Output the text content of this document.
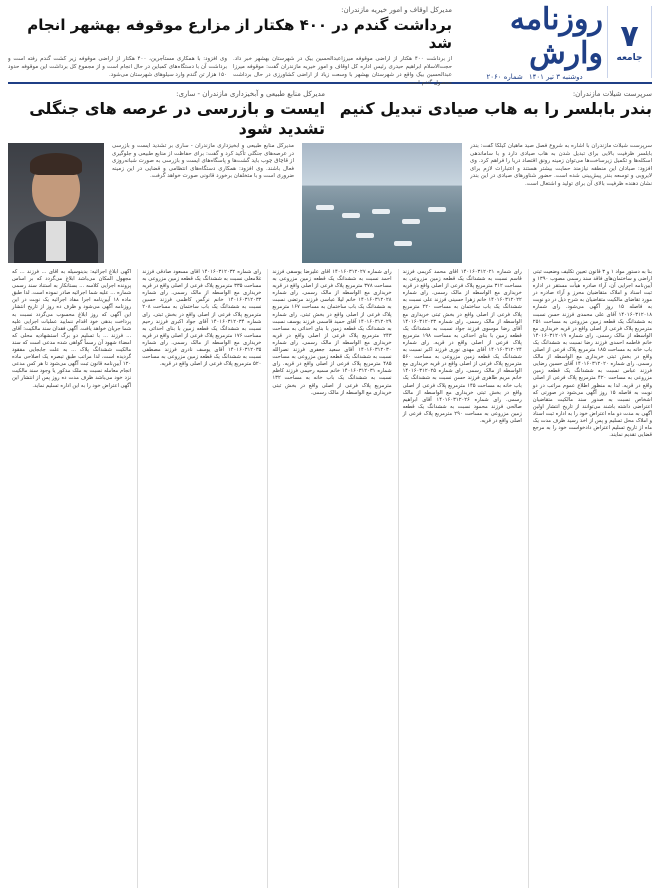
۷
جامعه
روزنامه وارش
دوشنبه ۳ تیر ۱۴۰۱
شماره ۲۰۶۰
مدیرکل اوقاف و امور خیریه مازندران:
برداشت گندم در ۴۰۰ هکتار از مزارع موقوفه بهشهر انجام شد
از برداشت ۴۰۰ هکتار از اراضی موقوفه میرزاعبدالحسین بیک در شهرستان بهشهر خبر داد. حجت‌الاسلام ابراهیم حیدری رئیس اداره کل اوقاف و امور خیریه مازندران گفت: موقوفه میرزا عبدالحسین بیک واقع در شهرستان بهشهر با وسعت زیاد از اراضی کشاورزی در حال برداشت محصول گندم است.
وی افزود: با همکاری مستأجرین، ۴۰۰ هکتار از اراضی موقوفه زیر کشت گندم رفته است و برداشت آن با دستگاه‌های کمباین در حال انجام است و از مجموع کل برداشت این موقوفه حدود ۱۵۰ هزار تن گندم وارد سیلوهای شهرستان می‌شود.
سرپرست شیلات مازندران:
بندر بابلسر را به هاب صیادی تبدیل کنیم
مدیرکل منابع طبیعی و آبخیزداری مازندران - ساری:
ایست و بازرسی در عرصه های جنگلی تشدید شود
سرپرست شیلات مازندران با اشاره به شروع فصل صید ماهیان کیلکا گفت: بندر بابلسر ظرفیت بالایی برای تبدیل شدن به هاب صیادی دارد و با ساماندهی اسکله‌ها و تکمیل زیرساخت‌ها می‌توان زمینه رونق اقتصاد دریا را فراهم کرد. وی افزود: صیادان این منطقه نیازمند حمایت بیشتر هستند و اعتبارات لازم برای لایروبی و توسعه بندر پیش‌بینی شده است. حضور شناورهای صیادی در این بندر نشان دهنده ظرفیت بالای آن برای تولید و اشتغال است.
مدیرکل منابع طبیعی و آبخیزداری مازندران - ساری بر تشدید ایست و بازرسی در عرصه‌های جنگلی تأکید کرد و گفت: برای حفاظت از منابع طبیعی و جلوگیری از قاچاق چوب باید گشت‌ها و پاسگاه‌های ایست و بازرسی به صورت شبانه‌روزی فعال باشند. وی افزود: همکاری دستگاه‌های انتظامی و قضایی در این زمینه ضروری است و با متخلفان برخورد قانونی صورت خواهد گرفت.
بنا به دستور مواد ۱ و ۳ قانون تعیین تکلیف وضعیت ثبتی اراضی و ساختمان‌های فاقد سند رسمی مصوب ۱۳۹۰ و آیین‌نامه اجرایی آن، آراء صادره هیأت مستقر در اداره ثبت اسناد و املاک متقاضیان محرز و آراء صادره در مورد تقاضای مالکیت متقاضیان به شرح ذیل در دو نوبت به فاصله ۱۵ روز آگهی می‌شود. رای شماره ۱۴۰۱۶۰۳۱۲۰۱۸ آقای علی محمدی فرزند حسن نسبت به ششدانگ یک قطعه زمین مزروعی به مساحت ۲۵۱ مترمربع پلاک فرعی از اصلی واقع در قریه خریداری مع الواسطه از مالک رسمی. رای شماره ۱۴۰۱۶۰۳۱۲۰۱۹ خانم فاطمه احمدی فرزند رضا نسبت به ششدانگ یک باب خانه به مساحت ۱۸۵ مترمربع پلاک فرعی از اصلی واقع در بخش ثبتی خریداری مع الواسطه از مالک رسمی. رای شماره ۱۴۰۱۶۰۳۱۲۰۲۰ آقای حسین رضایی فرزند عباس نسبت به ششدانگ یک قطعه زمین مزروعی به مساحت ۴۲۰ مترمربع پلاک فرعی از اصلی واقع در قریه. لذا به منظور اطلاع عموم مراتب در دو نوبت به فاصله ۱۵ روز آگهی می‌شود در صورتی که اشخاص نسبت به صدور سند مالکیت متقاضیان اعتراضی داشته باشند می‌توانند از تاریخ انتشار اولین آگهی به مدت دو ماه اعتراض خود را به اداره ثبت اسناد و املاک محل تسلیم و پس از اخذ رسید ظرف مدت یک ماه از تاریخ تسلیم اعتراض دادخواست خود را به مرجع قضایی تقدیم نمایند.
رای شماره ۱۴۰۱۶۰۳۱۲۰۲۱ آقای محمد کریمی فرزند قاسم نسبت به ششدانگ یک قطعه زمین مزروعی به مساحت ۳۱۲ مترمربع پلاک فرعی از اصلی واقع در قریه خریداری مع الواسطه از مالک رسمی. رای شماره ۱۴۰۱۶۰۳۱۲۰۲۲ خانم زهرا حسینی فرزند علی نسبت به ششدانگ یک باب ساختمان به مساحت ۲۲۰ مترمربع پلاک فرعی از اصلی واقع در بخش ثبتی خریداری مع الواسطه از مالک رسمی. رای شماره ۱۴۰۱۶۰۳۱۲۰۲۳ آقای رضا موسوی فرزند جواد نسبت به ششدانگ یک قطعه زمین با بنای احداثی به مساحت ۱۹۸ مترمربع پلاک فرعی از اصلی واقع در قریه. رای شماره ۱۴۰۱۶۰۳۱۲۰۲۴ آقای مهدی نوری فرزند اکبر نسبت به ششدانگ یک قطعه زمین مزروعی به مساحت ۵۶۰ مترمربع پلاک فرعی از اصلی واقع در قریه خریداری مع الواسطه از مالک رسمی. رای شماره ۱۴۰۱۶۰۳۱۲۰۲۵ خانم مریم طاهری فرزند حسن نسبت به ششدانگ یک باب خانه به مساحت ۱۴۵ مترمربع پلاک فرعی از اصلی واقع در بخش ثبتی خریداری مع الواسطه از مالک رسمی. رای شماره ۱۴۰۱۶۰۳۱۲۰۲۶ آقای ابراهیم صالحی فرزند محمود نسبت به ششدانگ یک قطعه زمین مزروعی به مساحت ۲۹۰ مترمربع پلاک فرعی از اصلی واقع در قریه.
رای شماره ۱۴۰۱۶۰۳۱۲۰۲۷ آقای علیرضا یوسفی فرزند احمد نسبت به ششدانگ یک قطعه زمین مزروعی به مساحت ۳۷۸ مترمربع پلاک فرعی از اصلی واقع در قریه خریداری مع الواسطه از مالک رسمی. رای شماره ۱۴۰۱۶۰۳۱۲۰۲۸ خانم لیلا عباسی فرزند مرتضی نسبت به ششدانگ یک باب ساختمان به مساحت ۱۶۷ مترمربع پلاک فرعی از اصلی واقع در بخش ثبتی. رای شماره ۱۴۰۱۶۰۳۱۲۰۲۹ آقای حمید قاسمی فرزند یوسف نسبت به ششدانگ یک قطعه زمین با بنای احداثی به مساحت ۲۴۳ مترمربع پلاک فرعی از اصلی واقع در قریه خریداری مع الواسطه از مالک رسمی. رای شماره ۱۴۰۱۶۰۳۱۲۰۳۰ آقای سعید جعفری فرزند نصرالله نسبت به ششدانگ یک قطعه زمین مزروعی به مساحت ۴۸۵ مترمربع پلاک فرعی از اصلی واقع در قریه. رای شماره ۱۴۰۱۶۰۳۱۲۰۳۱ خانم سمیه رحیمی فرزند کاظم نسبت به ششدانگ یک باب خانه به مساحت ۱۳۲ مترمربع پلاک فرعی از اصلی واقع در بخش ثبتی خریداری مع الواسطه از مالک رسمی.
رای شماره ۱۴۰۱۶۰۳۱۲۰۳۲ آقای مسعود صادقی فرزند غلامعلی نسبت به ششدانگ یک قطعه زمین مزروعی به مساحت ۳۳۵ مترمربع پلاک فرعی از اصلی واقع در قریه خریداری مع الواسطه از مالک رسمی. رای شماره ۱۴۰۱۶۰۳۱۲۰۳۳ خانم نرگس کاظمی فرزند حسین نسبت به ششدانگ یک باب ساختمان به مساحت ۲۰۸ مترمربع پلاک فرعی از اصلی واقع در بخش ثبتی. رای شماره ۱۴۰۱۶۰۳۱۲۰۳۴ آقای جواد اکبری فرزند رحیم نسبت به ششدانگ یک قطعه زمین با بنای احداثی به مساحت ۱۷۶ مترمربع پلاک فرعی از اصلی واقع در قریه خریداری مع الواسطه از مالک رسمی. رای شماره ۱۴۰۱۶۰۳۱۲۰۳۵ آقای یوسف نادری فرزند مصطفی نسبت به ششدانگ یک قطعه زمین مزروعی به مساحت ۵۲۰ مترمربع پلاک فرعی از اصلی واقع در قریه.
آگهی ابلاغ اجرائیه: بدینوسیله به آقای ... فرزند ... که مجهول المکان می‌باشد ابلاغ می‌گردد که بر اساس پرونده اجرایی کلاسه ... بستانکار به استناد سند رسمی شماره ... علیه شما اجرائیه صادر نموده است. لذا طبق ماده ۱۸ آیین‌نامه اجرا مفاد اجرائیه یک نوبت در این روزنامه آگهی می‌شود و ظرف ده روز از تاریخ انتشار این آگهی که روز ابلاغ محسوب می‌گردد نسبت به پرداخت بدهی خود اقدام ننمایید عملیات اجرایی علیه شما جریان خواهد یافت. آگهی فقدان سند مالکیت: آقای ... فرزند ... با تسلیم دو برگ استشهادیه محلی که امضاء شهود آن رسماً گواهی شده مدعی است که سند مالکیت ششدانگ پلاک ... به علت جابجایی مفقود گردیده است، لذا مراتب طبق تبصره یک اصلاحی ماده ۱۲۰ آیین‌نامه قانون ثبت آگهی می‌شود تا هر کس مدعی انجام معامله نسبت به ملک مذکور یا وجود سند مالکیت نزد خود می‌باشد ظرف مدت ده روز پس از انتشار این آگهی اعتراض خود را به این اداره تسلیم نماید.
